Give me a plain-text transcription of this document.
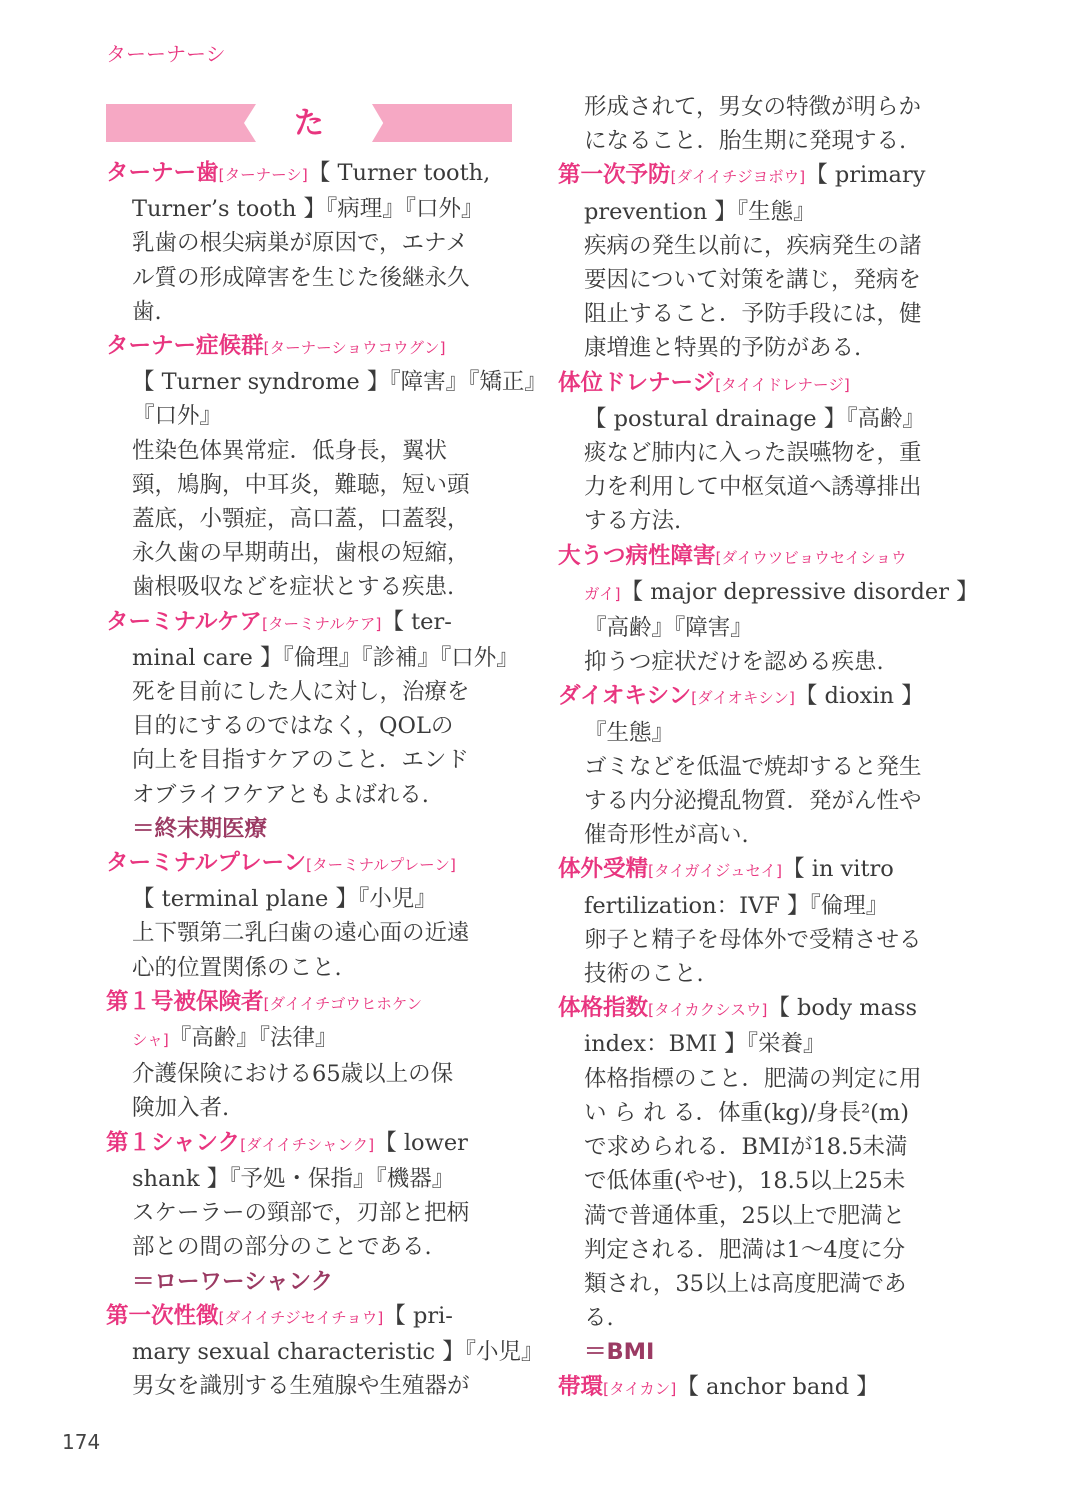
ターーナーシ
た
ターナー歯[ターナーシ]【 Turner tooth,
Turner’s tooth 】『病理』『口外』
乳歯の根尖病巣が原因で，エナメ
ル質の形成障害を生じた後継永久
歯.
ターナー症候群[ターナーショウコウグン]
【 Turner syndrome 】『障害』『矯正』
『口外』
性染色体異常症．低身長，翼状
頸，鳩胸，中耳炎，難聴，短い頭
蓋底，小顎症，高口蓋，口蓋裂，
永久歯の早期萌出，歯根の短縮，
歯根吸収などを症状とする疾患.
ターミナルケア[ターミナルケア]【 ter-
minal care 】『倫理』『診補』『口外』
死を目前にした人に対し，治療を
目的にするのではなく，QOLの
向上を目指すケアのこと．エンド
オブライフケアともよばれる.
＝終末期医療
ターミナルプレーン[ターミナルプレーン]
【 terminal plane 】『小児』
上下顎第二乳臼歯の遠心面の近遠
心的位置関係のこと.
第１号被保険者[ダイイチゴウヒホケン
シャ]『高齢』『法律』
介護保険における65歳以上の保
険加入者.
第１シャンク[ダイイチシャンク]【 lower
shank 】『予処・保指』『機器』
スケーラーの頸部で，刃部と把柄
部との間の部分のことである.
＝ローワーシャンク
第一次性徴[ダイイチジセイチョウ]【 pri-
mary sexual characteristic 】『小児』
男女を識別する生殖腺や生殖器が
形成されて，男女の特徴が明らか
になること．胎生期に発現する.
第一次予防[ダイイチジヨボウ]【 primary
prevention 】『生態』
疾病の発生以前に，疾病発生の諸
要因について対策を講じ，発病を
阻止すること．予防手段には，健
康増進と特異的予防がある.
体位ドレナージ[タイイドレナージ]
【 postural drainage 】『高齢』
痰など肺内に入った誤嚥物を，重
力を利用して中枢気道へ誘導排出
する方法.
大うつ病性障害[ダイウツビョウセイショウ
ガイ]【 major depressive disorder 】
『高齢』『障害』
抑うつ症状だけを認める疾患.
ダイオキシン[ダイオキシン]【 dioxin 】
『生態』
ゴミなどを低温で焼却すると発生
する内分泌攪乱物質．発がん性や
催奇形性が高い.
体外受精[タイガイジュセイ]【 in vitro
fertilization：IVF 】『倫理』
卵子と精子を母体外で受精させる
技術のこと.
体格指数[タイカクシスウ]【 body mass
index：BMI 】『栄養』
体格指標のこと．肥満の判定に用
い ら れ る．体重(kg)/身長²(m)
で求められる．BMIが18.5未満
で低体重(やせ)，18.5以上25未
満で普通体重，25以上で肥満と
判定される．肥満は1〜4度に分
類され，35以上は高度肥満であ
る.
＝BMI
帯環[タイカン]【 anchor band 】
174
